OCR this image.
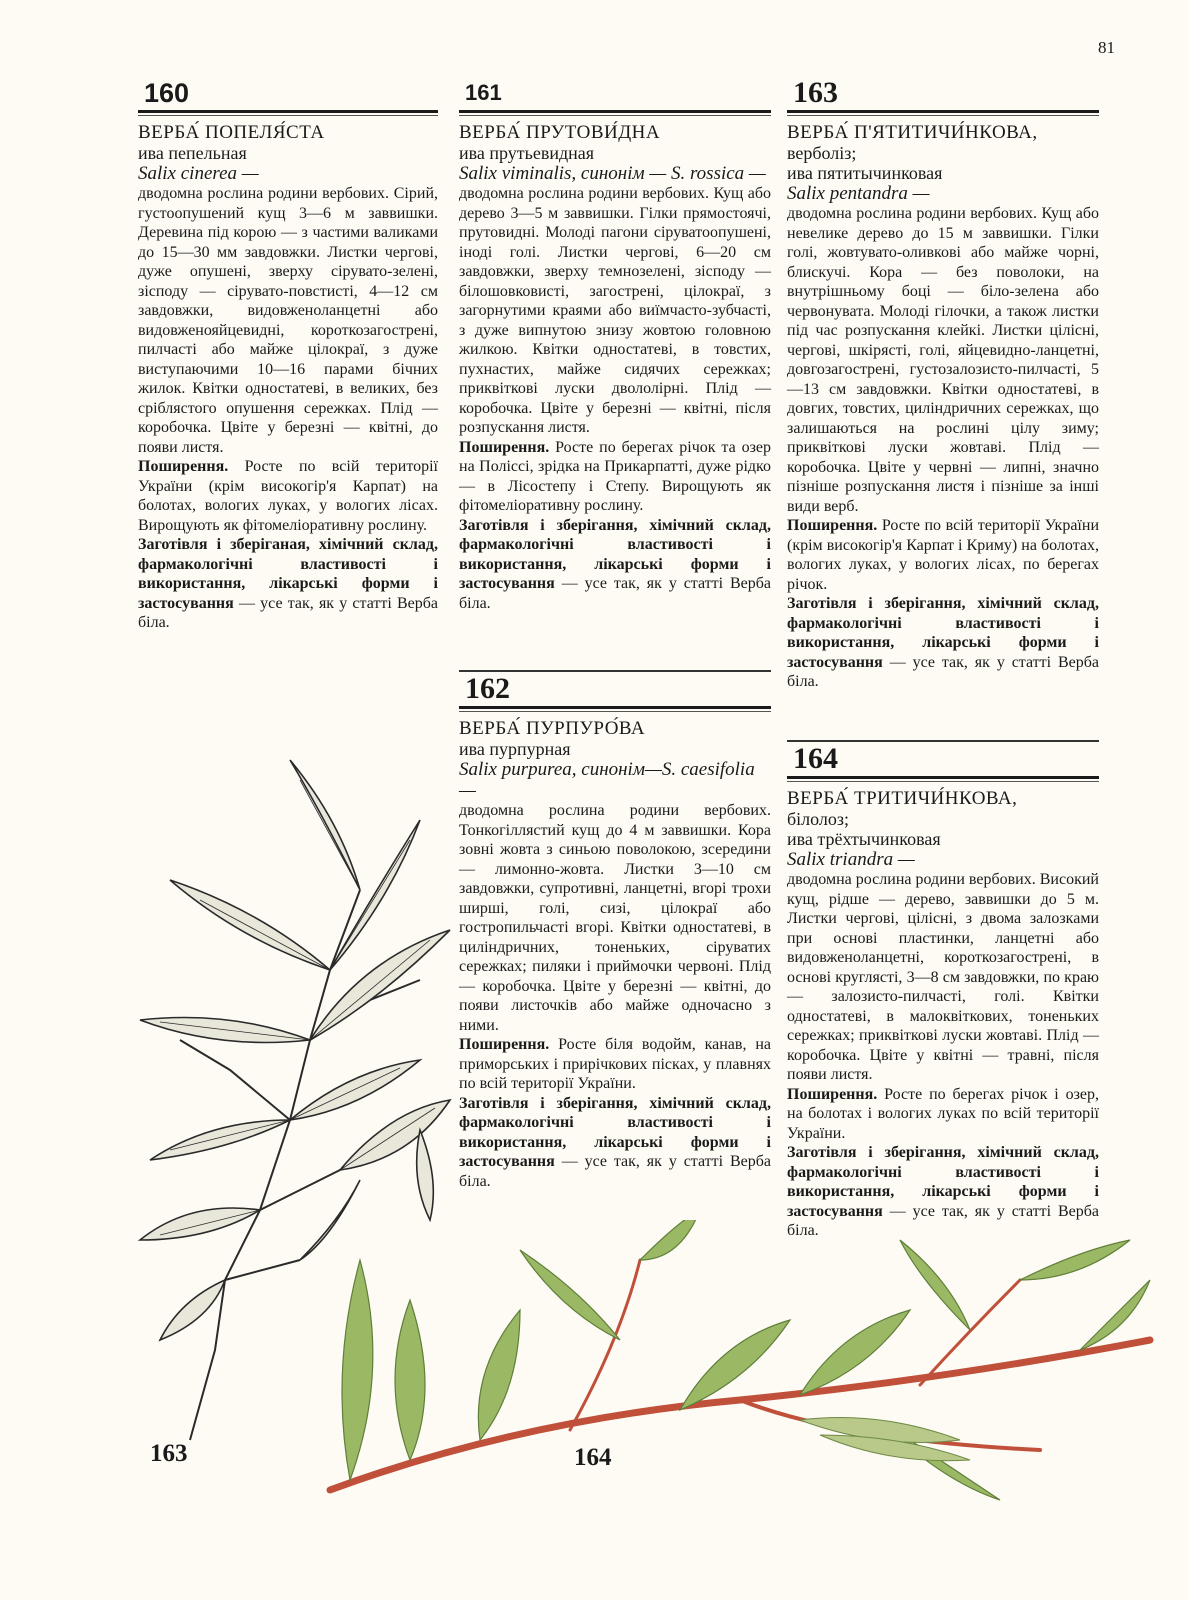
81
160
ВЕРБА́ ПОПЕЛЯ́СТА
ива пепельная
Salix cinerea —
дводомна рослина родини вербових. Сірий, густоопушений кущ 3—6 м заввишки. Деревина під корою — з частими валиками до 15—30 мм завдовжки. Листки чергові, дуже опушені, зверху сірувато-зелені, зісподу — сірувато-повстисті, 4—12 см завдовжки, видовженоланцетні або видовженояйцевидні, короткозагострені, пилчасті або майже цілокраї, з дуже виступаючими 10—16 парами бічних жилок. Квітки одностатеві, в великих, без сріблястого опушення сережках. Плід — коробочка. Цвіте у березні — квітні, до появи листя.
Поширення. Росте по всій території України (крім високогір'я Карпат) на болотах, вологих луках, у вологих лісах. Вирощують як фітомеліоративну рослину.
Заготівля і зберіганая, хімічний склад, фармакологічні властивості і використання, лікарські форми і застосування — усе так, як у статті Верба біла.
161
ВЕРБА́ ПРУТОВИ́ДНА
ива прутьевидная
Salix viminalis, синонім — S. rossica —
дводомна рослина родини вербових. Кущ або дерево 3—5 м заввишки. Гілки прямостоячі, прутовидні. Молоді пагони сіруватоопушені, іноді голі. Листки чергові, 6—20 см завдовжки, зверху темнозелені, зісподу — білошовковисті, загострені, цілокраї, з загорнутими краями або виїмчасто-зубчасті, з дуже випнутою знизу жовтою головною жилкою. Квітки одностатеві, в товстих, пухнастих, майже сидячих сережках; приквіткові луски двололірні. Плід — коробочка. Цвіте у березні — квітні, після розпускання листя.
Поширення. Росте по берегах річок та озер на Поліссі, зрідка на Прикарпатті, дуже рідко — в Лісостепу і Степу. Вирощують як фітомеліоративну рослину.
Заготівля і зберігання, хімічний склад, фармакологічні властивості і використання, лікарські форми і застосування — усе так, як у статті Верба біла.
162
ВЕРБА́ ПУРПУРО́ВА
ива пурпурная
Salix purpurea, синонім—S. caesifolia —
дводомна рослина родини вербових. Тонкогіллястий кущ до 4 м заввишки. Кора зовні жовта з синьою поволокою, зсередини — лимонно-жовта. Листки 3—10 см завдовжки, супротивні, ланцетні, вгорі трохи ширші, голі, сизі, цілокраї або гостропильчасті вгорі. Квітки одностатеві, в циліндричних, тоненьких, сіруватих сережках; пиляки і приймочки червоні. Плід — коробочка. Цвіте у березні — квітні, до появи листочків або майже одночасно з ними.
Поширення. Росте біля водойм, канав, на приморських і прирічкових пісках, у плавнях по всій території України.
Заготівля і зберігання, хімічний склад, фармакологічні властивості і використання, лікарські форми і застосування — усе так, як у статті Верба біла.
163
ВЕРБА́ П'ЯТИТИЧИ́НКОВА,
верболіз;
ива пятитычинковая
Salix pentandra —
дводомна рослина родини вербових. Кущ або невелике дерево до 15 м заввишки. Гілки голі, жовтувато-оливкові або майже чорні, блискучі. Кора — без поволоки, на внутрішньому боці — біло-зелена або червонувата. Молоді гілочки, а також листки під час розпускання клейкі. Листки цілісні, чергові, шкірясті, голі, яйцевидно-ланцетні, довгозагострені, густозалозисто-пилчасті, 5—13 см завдовжки. Квітки одностатеві, в довгих, товстих, циліндричних сережках, що залишаються на рослині цілу зиму; приквіткові луски жовтаві. Плід — коробочка. Цвіте у червні — липні, значно пізніше розпускання листя і пізніше за інші види верб.
Поширення. Росте по всій території України (крім високогір'я Карпат і Криму) на болотах, вологих луках, у вологих лісах, по берегах річок.
Заготівля і зберігання, хімічний склад, фармакологічні властивості і використання, лікарські форми і застосування — усе так, як у статті Верба біла.
164
ВЕРБА́ ТРИТИЧИ́НКОВА,
білолоз;
ива трёхтычинковая
Salix triandra —
дводомна рослина родини вербових. Високий кущ, рідше — дерево, заввишки до 5 м. Листки чергові, цілісні, з двома залозками при основі пластинки, ланцетні або видовженоланцетні, короткозагострені, в основі круглясті, 3—8 см завдовжки, по краю — залозисто-пилчасті, голі. Квітки одностатеві, в малоквіткових, тоненьких сережках; приквіткові луски жовтаві. Плід — коробочка. Цвіте у квітні — травні, після появи листя.
Поширення. Росте по берегах річок і озер, на болотах і вологих луках по всій території України.
Заготівля і зберігання, хімічний склад, фармакологічні властивості і використання, лікарські форми і застосування — усе так, як у статті Верба біла.
163	164
